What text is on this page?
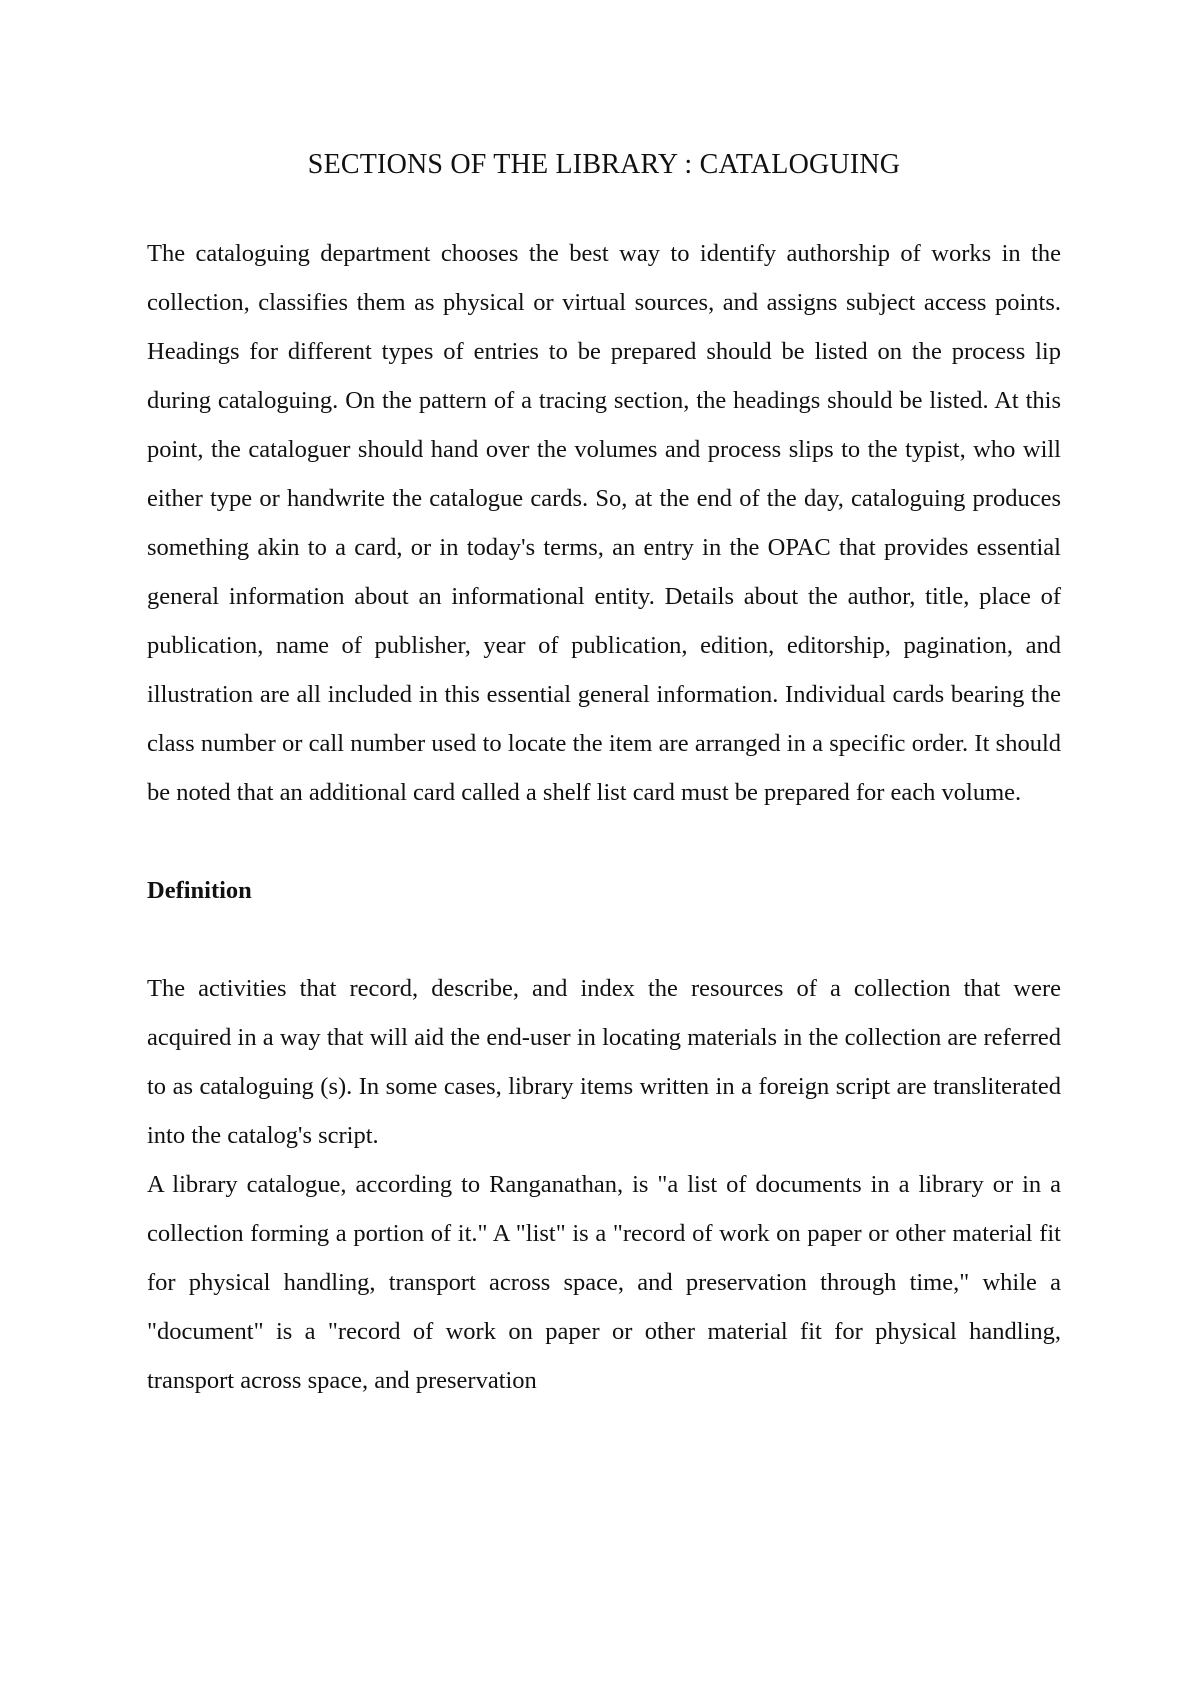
SECTIONS OF THE LIBRARY : CATALOGUING

The cataloguing department chooses the best way to identify authorship of works in the collection, classifies them as physical or virtual sources, and assigns subject access points. Headings for different types of entries to be prepared should be listed on the process lip during cataloguing. On the pattern of a tracing section, the headings should be listed. At this point, the cataloguer should hand over the volumes and process slips to the typist, who will either type or handwrite the catalogue cards. So, at the end of the day, cataloguing produces something akin to a card, or in today's terms, an entry in the OPAC that provides essential general information about an informational entity. Details about the author, title, place of publication, name of publisher, year of publication, edition, editorship, pagination, and illustration are all included in this essential general information. Individual cards bearing the class number or call number used to locate the item are arranged in a specific order. It should be noted that an additional card called a shelf list card must be prepared for each volume.

Definition

The activities that record, describe, and index the resources of a collection that were acquired in a way that will aid the end-user in locating materials in the collection are referred to as cataloguing (s). In some cases, library items written in a foreign script are transliterated into the catalog's script.

A library catalogue, according to Ranganathan, is "a list of documents in a library or in a collection forming a portion of it." A "list" is a "record of work on paper or other material fit for physical handling, transport across space, and preservation through time," while a "document" is a "record of work on paper or other material fit for physical handling, transport across space, and preservation
